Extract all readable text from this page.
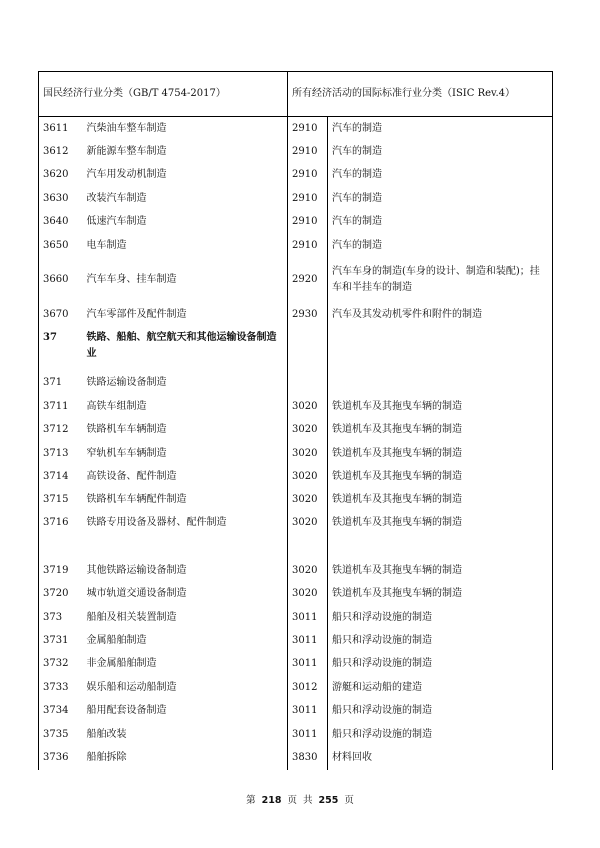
国民经济行业分类（GB/T 4754-2017）		所有经济活动的国际标准行业分类（ISIC Rev.4）	
3611	汽柴油车整车制造	2910	汽车的制造
3612	新能源车整车制造	2910	汽车的制造
3620	汽车用发动机制造	2910	汽车的制造
3630	改装汽车制造	2910	汽车的制造
3640	低速汽车制造	2910	汽车的制造
3650	电车制造	2910	汽车的制造
3660	汽车车身、挂车制造	2920	汽车车身的制造(车身的设计、制造和装配)；挂车和半挂车的制造
3670	汽车零部件及配件制造	2930	汽车及其发动机零件和附件的制造
37	铁路、船舶、航空航天和其他运输设备制造业		
371	铁路运输设备制造		
3711	高铁车组制造	3020	铁道机车及其拖曳车辆的制造
3712	铁路机车车辆制造	3020	铁道机车及其拖曳车辆的制造
3713	窄轨机车车辆制造	3020	铁道机车及其拖曳车辆的制造
3714	高铁设备、配件制造	3020	铁道机车及其拖曳车辆的制造
3715	铁路机车车辆配件制造	3020	铁道机车及其拖曳车辆的制造
3716	铁路专用设备及器材、配件制造	3020	铁道机车及其拖曳车辆的制造
3719	其他铁路运输设备制造	3020	铁道机车及其拖曳车辆的制造
3720	城市轨道交通设备制造	3020	铁道机车及其拖曳车辆的制造
373	船舶及相关装置制造	3011	船只和浮动设施的制造
3731	金属船舶制造	3011	船只和浮动设施的制造
3732	非金属船舶制造	3011	船只和浮动设施的制造
3733	娱乐船和运动船制造	3012	游艇和运动船的建造
3734	船用配套设备制造	3011	船只和浮动设施的制造
3735	船舶改装	3011	船只和浮动设施的制造
3736	船舶拆除	3830	材料回收
第 218 页 共 255 页
